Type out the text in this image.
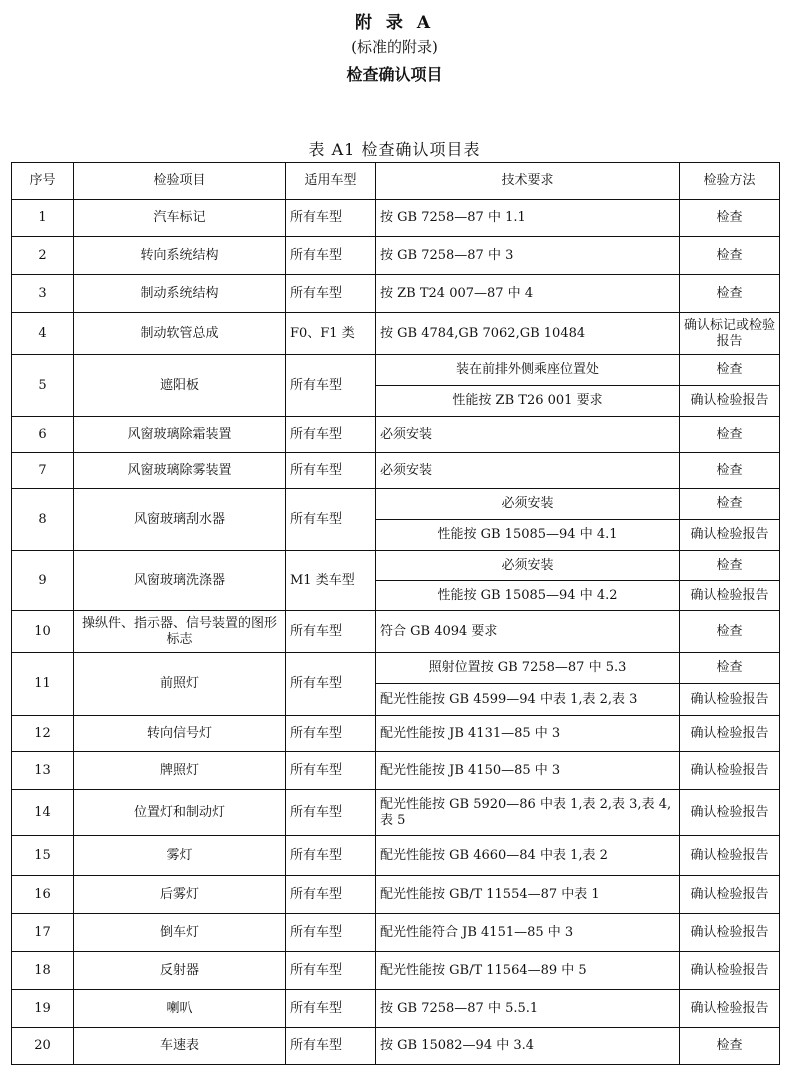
附 录 A
(标准的附录)
检查确认项目
表 A1 检查确认项目表
序号	检验项目	适用车型	技术要求	检验方法
1	汽车标记	所有车型	按 GB 7258—87 中 1.1	检查
2	转向系统结构	所有车型	按 GB 7258—87 中 3	检查
3	制动系统结构	所有车型	按 ZB T24 007—87 中 4	检查
4	制动软管总成	F0、F1 类	按 GB 4784,GB 7062,GB 10484	确认标记或检验报告
5	遮阳板	所有车型	装在前排外侧乘座位置处	检查
			性能按 ZB T26 001 要求	确认检验报告
6	风窗玻璃除霜装置	所有车型	必须安装	检查
7	风窗玻璃除雾装置	所有车型	必须安装	检查
8	风窗玻璃刮水器	所有车型	必须安装	检查
			性能按 GB 15085—94 中 4.1	确认检验报告
9	风窗玻璃洗涤器	M1 类车型	必须安装	检查
			性能按 GB 15085—94 中 4.2	确认检验报告
10	操纵件、指示器、信号装置的图形标志	所有车型	符合 GB 4094 要求	检查
11	前照灯	所有车型	照射位置按 GB 7258—87 中 5.3	检查
			配光性能按 GB 4599—94 中表 1,表 2,表 3	确认检验报告
12	转向信号灯	所有车型	配光性能按 JB 4131—85 中 3	确认检验报告
13	牌照灯	所有车型	配光性能按 JB 4150—85 中 3	确认检验报告
14	位置灯和制动灯	所有车型	配光性能按 GB 5920—86 中表 1,表 2,表 3,表 4,表 5	确认检验报告
15	雾灯	所有车型	配光性能按 GB 4660—84 中表 1,表 2	确认检验报告
16	后雾灯	所有车型	配光性能按 GB/T 11554—87 中表 1	确认检验报告
17	倒车灯	所有车型	配光性能符合 JB 4151—85 中 3	确认检验报告
18	反射器	所有车型	配光性能按 GB/T 11564—89 中 5	确认检验报告
19	喇叭	所有车型	按 GB 7258—87 中 5.5.1	确认检验报告
20	车速表	所有车型	按 GB 15082—94 中 3.4	检查
